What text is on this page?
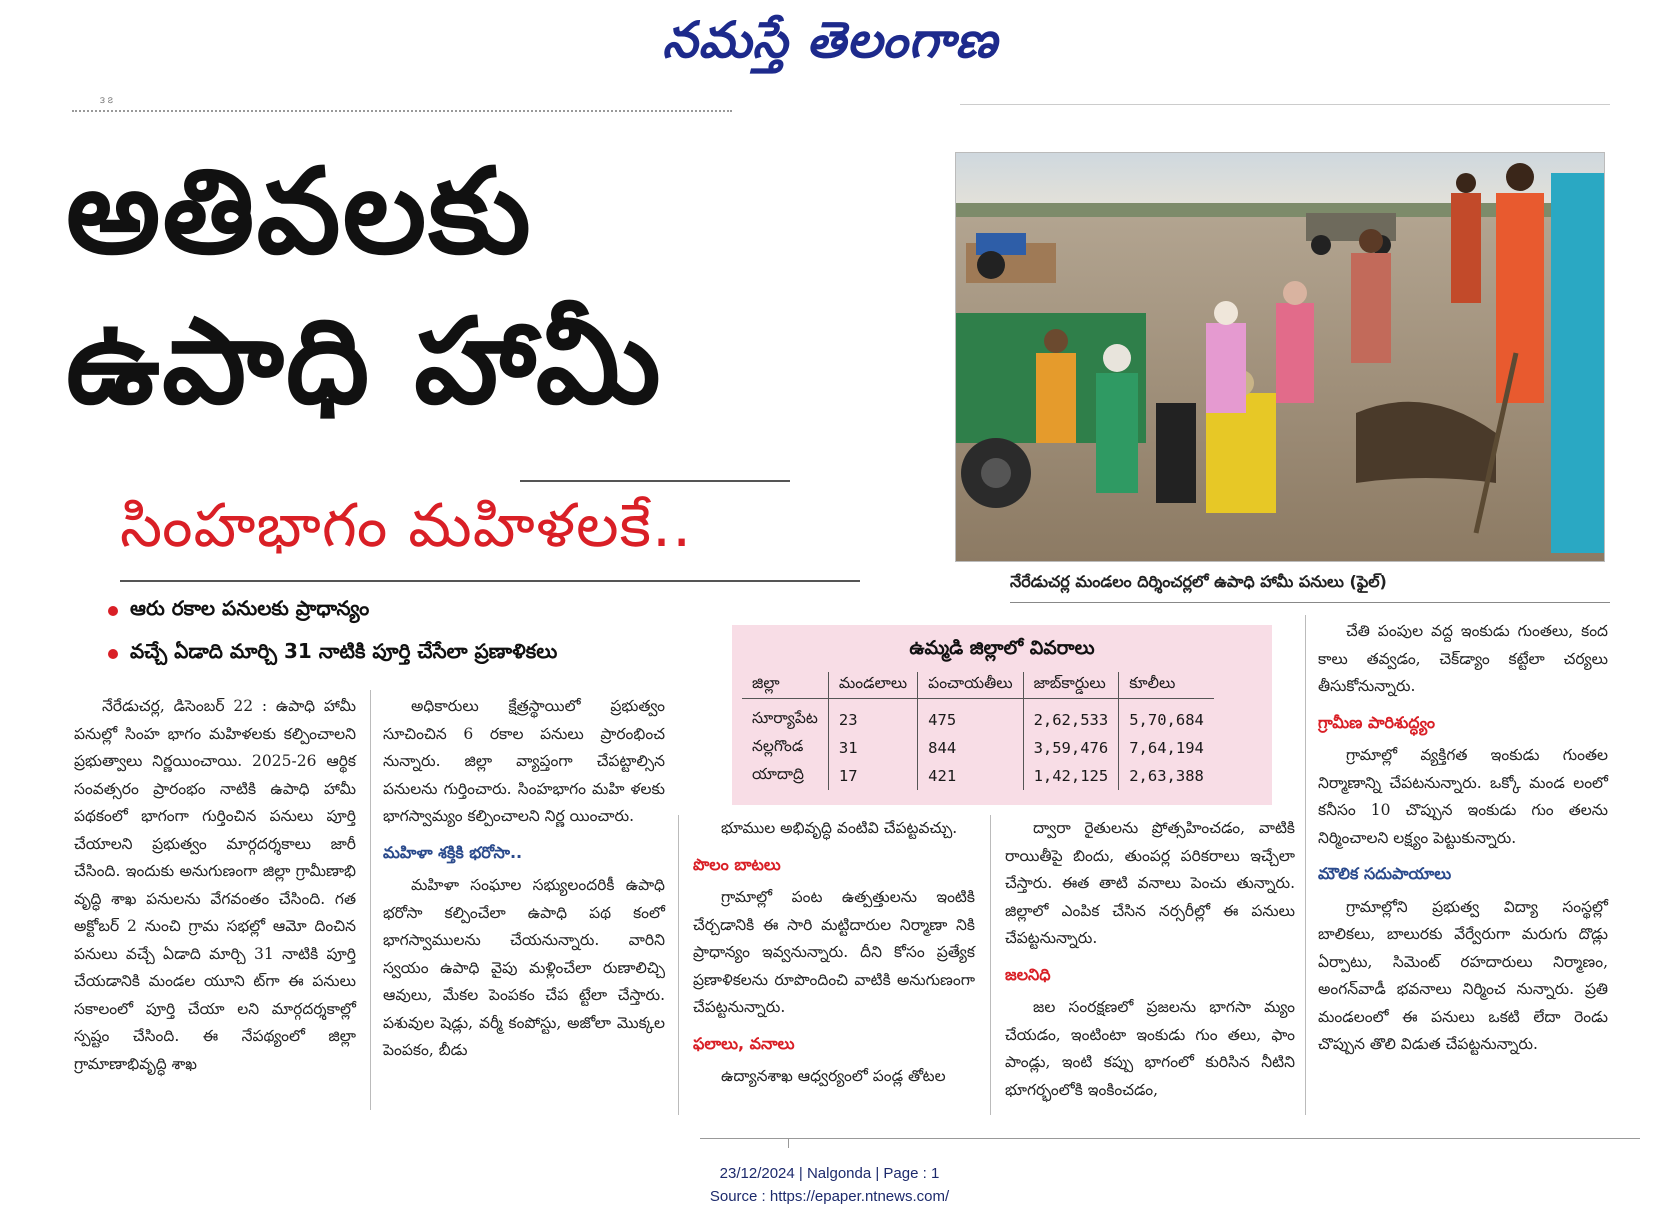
నమస్తే తెలంగాణ
౩ ౭
అతివలకు
ఉపాధి హామీ
సింహభాగం మహిళలకే..
నేరేడుచర్ల మండలం దిర్శించర్లలో ఉపాధి హామీ పనులు (ఫైల్)
ఆరు రకాల పనులకు ప్రాధాన్యం
వచ్చే ఏడాది మార్చి 31 నాటికి పూర్తి చేసేలా ప్రణాళికలు	ఉమ్మడి జిల్లాలో వివరాలు
జిల్లా	మండలాలు	పంచాయతీలు	జాబ్‌కార్డులు	కూలీలు
సూర్యాపేట	23	475	2,62,533	5,70,684
నల్లగొండ	31	844	3,59,476	7,64,194
యాదాద్రి	17	421	1,42,125	2,63,388

నేరేడుచర్ల, డిసెంబర్ 22 : ఉపాధి హామీ పనుల్లో సింహ భాగం మహిళలకు కల్పించాలని ప్రభుత్వాలు నిర్ణయించాయి. 2025-26 ఆర్థిక సంవత్సరం ప్రారంభం నాటికి ఉపాధి హామీ పథకంలో భాగంగా గుర్తించిన పనులు పూర్తి చేయాలని ప్రభుత్వం మార్గదర్శకాలు జారీ చేసింది. ఇందుకు అనుగుణంగా జిల్లా గ్రామీణాభి వృద్ధి శాఖ పనులను వేగవంతం చేసింది. గత అక్టోబర్ 2 నుంచి గ్రామ సభల్లో ఆమో దించిన పనులు వచ్చే ఏడాది మార్చి 31 నాటికి పూర్తి చేయడానికి మండల యూని ట్‌గా ఈ పనులు సకాలంలో పూర్తి చేయా లని మార్గదర్శకాల్లో స్పష్టం చేసింది. ఈ నేపథ్యంలో జిల్లా గ్రామాణాభివృద్ధి శాఖ

అధికారులు క్షేత్రస్థాయిలో ప్రభుత్వం సూచించిన 6 రకాల పనులు ప్రారంభించ నున్నారు. జిల్లా వ్యాప్తంగా చేపట్టాల్సిన పనులను గుర్తించారు. సింహభాగం మహి ళలకు భాగస్వామ్యం కల్పించాలని నిర్ణ యించారు.

మహిళా శక్తికి భరోసా..

మహిళా సంఘాల సభ్యులందరికీ ఉపాధి భరోసా కల్పించేలా ఉపాధి పథ కంలో భాగస్వాములను చేయనున్నారు. వారిని స్వయం ఉపాధి వైపు మళ్లించేలా రుణాలిచ్చి ఆవులు, మేకల పెంపకం చేప ట్టేలా చేస్తారు. పశువుల షెడ్లు, వర్మీ కంపోస్టు, అజోలా మొక్కల పెంపకం, బీడు

భూముల అభివృద్ధి వంటివి చేపట్టవచ్చు.

పొలం బాటలు

గ్రామాల్లో పంట ఉత్పత్తులను ఇంటికి చేర్చడానికి ఈ సారి మట్టిదారుల నిర్మాణా నికి ప్రాధాన్యం ఇవ్వనున్నారు. దీని కోసం ప్రత్యేక ప్రణాళికలను రూపొందించి వాటికి అనుగుణంగా చేపట్టనున్నారు.

ఫలాలు, వనాలు

ఉద్యానశాఖ ఆధ్వర్యంలో పండ్ల తోటల

ద్వారా రైతులను ప్రోత్సహించడం, వాటికి రాయితీపై బిందు, తుంపర్ల పరికరాలు ఇచ్చేలా చేస్తారు. ఈత తాటి వనాలు పెంచు తున్నారు. జిల్లాలో ఎంపిక చేసిన నర్సరీల్లో ఈ పనులు చేపట్టనున్నారు.

జలనిధి

జల సంరక్షణలో ప్రజలను భాగసా మ్యం చేయడం, ఇంటింటా ఇంకుడు గుం తలు, ఫాం పాండ్లు, ఇంటి కప్పు భాగంలో కురిసిన నీటిని భూగర్భంలోకి ఇంకించడం,

చేతి పంపుల వద్ద ఇంకుడు గుంతలు, కంద కాలు తవ్వడం, చెక్‌డ్యాం కట్టేలా చర్యలు తీసుకోనున్నారు.

గ్రామీణ పారిశుద్ధ్యం

గ్రామాల్లో వ్యక్తిగత ఇంకుడు గుంతల నిర్మాణాన్ని చేపటనున్నారు. ఒక్కో మండ లంలో కనీసం 10 చొప్పున ఇంకుడు గుం తలను నిర్మించాలని లక్ష్యం పెట్టుకున్నారు.

మౌలిక సదుపాయాలు

గ్రామాల్లోని ప్రభుత్వ విద్యా సంస్థల్లో బాలికలు, బాలురకు వేర్వేరుగా మరుగు దొడ్లు ఏర్పాటు, సిమెంట్ రహదారులు నిర్మాణం, అంగన్‌వాడీ భవనాలు నిర్మించ నున్నారు. ప్రతి మండలంలో ఈ పనులు ఒకటి లేదా రెండు చొప్పున తొలి విడుత చేపట్టనున్నారు.

23/12/2024 | Nalgonda | Page : 1
Source : https://epaper.ntnews.com/
